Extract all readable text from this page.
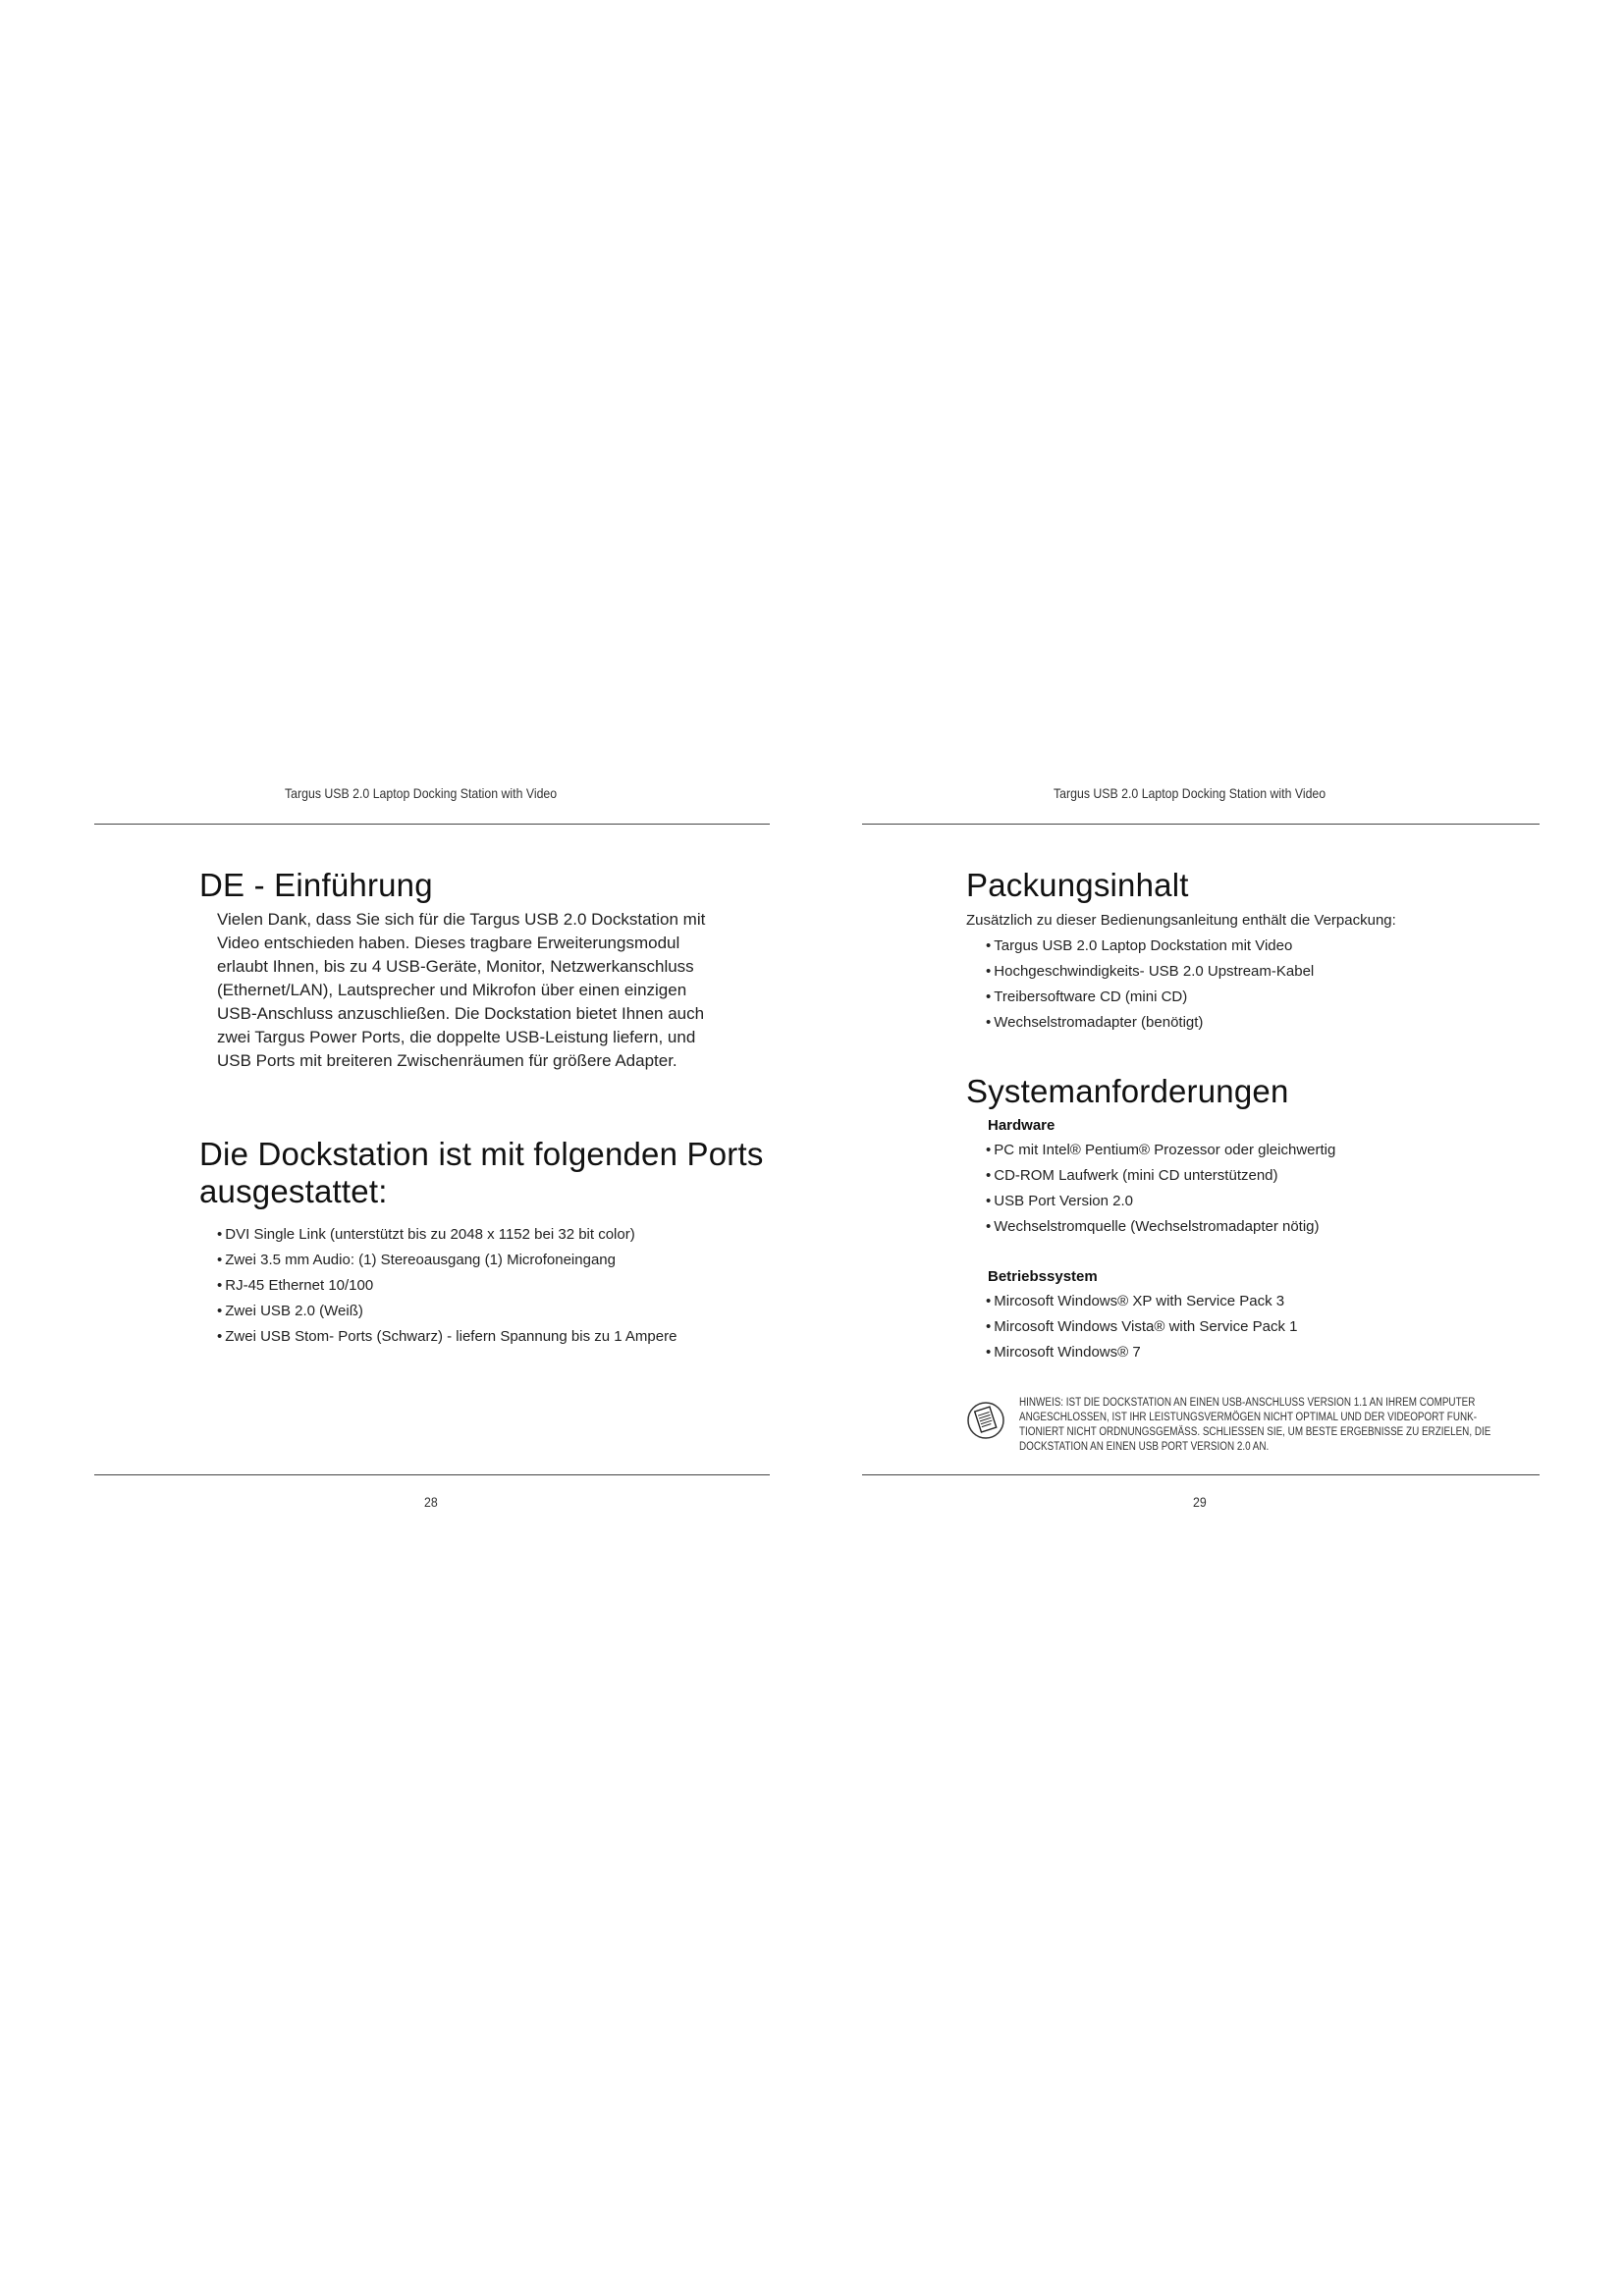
Targus USB 2.0 Laptop Docking Station with Video
DE - Einführung
Vielen Dank, dass Sie sich für die Targus USB 2.0 Dockstation mit
Video entschieden haben. Dieses tragbare Erweiterungsmodul
erlaubt Ihnen, bis zu 4 USB-Geräte, Monitor, Netzwerkanschluss
(Ethernet/LAN), Lautsprecher und Mikrofon über einen einzigen
USB-Anschluss anzuschließen. Die Dockstation bietet Ihnen auch
zwei Targus Power Ports, die doppelte USB-Leistung liefern, und
USB Ports mit breiteren Zwischenräumen für größere Adapter.
Die Dockstation ist mit folgenden Ports
ausgestattet:
• DVI Single Link (unterstützt bis zu 2048 x 1152 bei 32 bit color)
• Zwei 3.5 mm Audio: (1) Stereoausgang (1) Microfoneingang
• RJ-45 Ethernet 10/100
• Zwei USB 2.0 (Weiß)
• Zwei USB Stom- Ports (Schwarz) - liefern Spannung bis zu 1 Ampere
28
Targus USB 2.0 Laptop Docking Station with Video
Packungsinhalt
Zusätzlich zu dieser Bedienungsanleitung enthält die Verpackung:
• Targus USB 2.0 Laptop Dockstation mit Video
• Hochgeschwindigkeits- USB 2.0 Upstream-Kabel
• Treibersoftware CD (mini CD)
• Wechselstromadapter (benötigt)
Systemanforderungen
Hardware
• PC mit Intel® Pentium® Prozessor oder gleichwertig
• CD-ROM Laufwerk (mini CD unterstützend)
• USB Port Version 2.0
• Wechselstromquelle (Wechselstromadapter nötig)
Betriebssystem
• Mircosoft Windows® XP with Service Pack 3
• Mircosoft Windows Vista® with Service Pack 1
• Mircosoft Windows® 7
HINWEIS: IST DIE DOCKSTATION AN EINEN USB-ANSCHLUSS VERSION 1.1 AN IHREM COMPUTER
ANGESCHLOSSEN, IST IHR LEISTUNGSVERMÖGEN NICHT OPTIMAL UND DER VIDEOPORT FUNK-
TIONIERT NICHT ORDNUNGSGEMÄSS. SCHLIESSEN SIE, UM BESTE ERGEBNISSE ZU ERZIELEN, DIE
DOCKSTATION AN EINEN USB PORT VERSION 2.0 AN.
29
